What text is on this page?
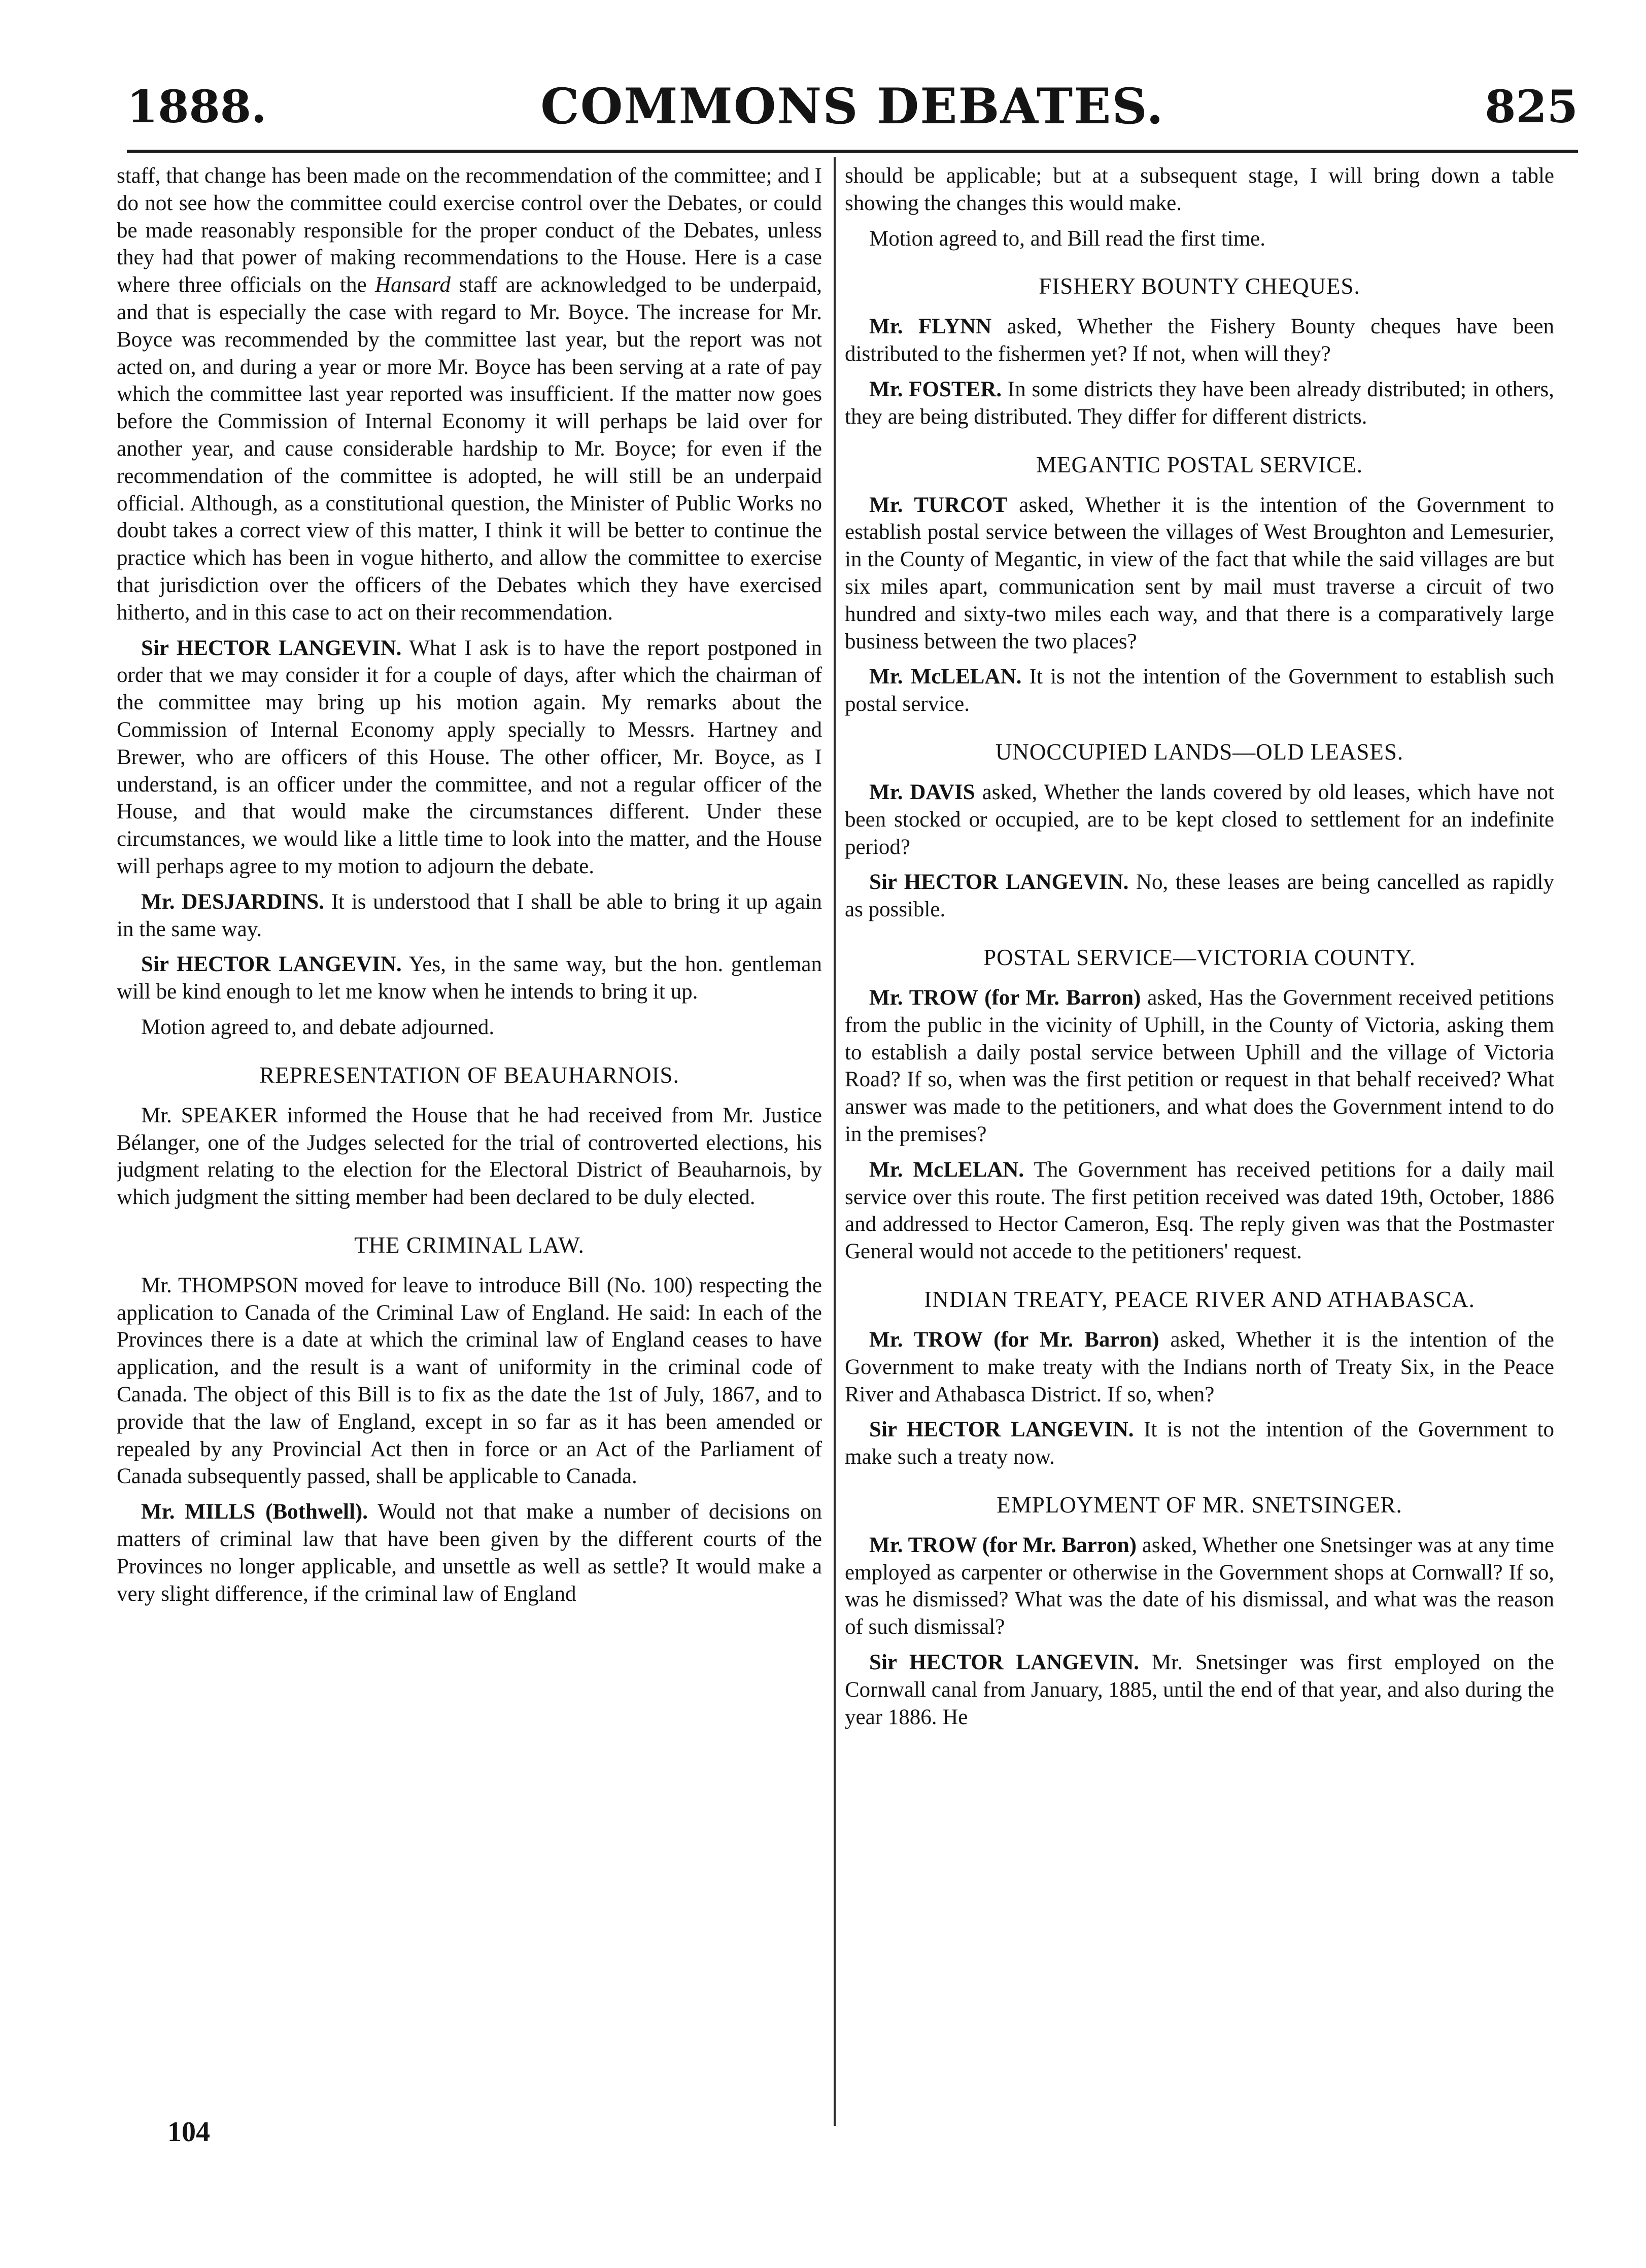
1888.	COMMONS DEBATES.	825

staff, that change has been made on the recommendation of the committee; and I do not see how the committee could exercise control over the Debates, or could be made reasonably responsible for the proper conduct of the Debates, unless they had that power of making recommendations to the House. Here is a case where three officials on the Hansard staff are acknowledged to be underpaid, and that is especially the case with regard to Mr. Boyce. The increase for Mr. Boyce was recommended by the committee last year, but the report was not acted on, and during a year or more Mr. Boyce has been serving at a rate of pay which the committee last year reported was insufficient. If the matter now goes before the Commission of Internal Economy it will perhaps be laid over for another year, and cause considerable hardship to Mr. Boyce; for even if the recommendation of the committee is adopted, he will still be an underpaid official. Although, as a constitutional question, the Minister of Public Works no doubt takes a correct view of this matter, I think it will be better to continue the practice which has been in vogue hitherto, and allow the committee to exercise that jurisdiction over the officers of the Debates which they have exercised hitherto, and in this case to act on their recommendation.

Sir HECTOR LANGEVIN. What I ask is to have the report postponed in order that we may consider it for a couple of days, after which the chairman of the committee may bring up his motion again. My remarks about the Commission of Internal Economy apply specially to Messrs. Hartney and Brewer, who are officers of this House. The other officer, Mr. Boyce, as I understand, is an officer under the committee, and not a regular officer of the House, and that would make the circumstances different. Under these circumstances, we would like a little time to look into the matter, and the House will perhaps agree to my motion to adjourn the debate.

Mr. DESJARDINS. It is understood that I shall be able to bring it up again in the same way.

Sir HECTOR LANGEVIN. Yes, in the same way, but the hon. gentleman will be kind enough to let me know when he intends to bring it up.

Motion agreed to, and debate adjourned.

REPRESENTATION OF BEAUHARNOIS.

Mr. SPEAKER informed the House that he had received from Mr. Justice Bélanger, one of the Judges selected for the trial of controverted elections, his judgment relating to the election for the Electoral District of Beauharnois, by which judgment the sitting member had been declared to be duly elected.

THE CRIMINAL LAW.

Mr. THOMPSON moved for leave to introduce Bill (No. 100) respecting the application to Canada of the Criminal Law of England. He said: In each of the Provinces there is a date at which the criminal law of England ceases to have application, and the result is a want of uniformity in the criminal code of Canada. The object of this Bill is to fix as the date the 1st of July, 1867, and to provide that the law of England, except in so far as it has been amended or repealed by any Provincial Act then in force or an Act of the Parliament of Canada subsequently passed, shall be applicable to Canada.

Mr. MILLS (Bothwell). Would not that make a number of decisions on matters of criminal law that have been given by the different courts of the Provinces no longer applicable, and unsettle as well as settle? It would make a very slight difference, if the criminal law of England

should be applicable; but at a subsequent stage, I will bring down a table showing the changes this would make.

Motion agreed to, and Bill read the first time.

FISHERY BOUNTY CHEQUES.

Mr. FLYNN asked, Whether the Fishery Bounty cheques have been distributed to the fishermen yet? If not, when will they?

Mr. FOSTER. In some districts they have been already distributed; in others, they are being distributed. They differ for different districts.

MEGANTIC POSTAL SERVICE.

Mr. TURCOT asked, Whether it is the intention of the Government to establish postal service between the villages of West Broughton and Lemesurier, in the County of Megantic, in view of the fact that while the said villages are but six miles apart, communication sent by mail must traverse a circuit of two hundred and sixty-two miles each way, and that there is a comparatively large business between the two places?

Mr. McLELAN. It is not the intention of the Government to establish such postal service.

UNOCCUPIED LANDS—OLD LEASES.

Mr. DAVIS asked, Whether the lands covered by old leases, which have not been stocked or occupied, are to be kept closed to settlement for an indefinite period?

Sir HECTOR LANGEVIN. No, these leases are being cancelled as rapidly as possible.

POSTAL SERVICE—VICTORIA COUNTY.

Mr. TROW (for Mr. Barron) asked, Has the Government received petitions from the public in the vicinity of Uphill, in the County of Victoria, asking them to establish a daily postal service between Uphill and the village of Victoria Road? If so, when was the first petition or request in that behalf received? What answer was made to the petitioners, and what does the Government intend to do in the premises?

Mr. McLELAN. The Government has received petitions for a daily mail service over this route. The first petition received was dated 19th, October, 1886 and addressed to Hector Cameron, Esq. The reply given was that the Postmaster General would not accede to the petitioners' request.

INDIAN TREATY, PEACE RIVER AND ATHABASCA.

Mr. TROW (for Mr. Barron) asked, Whether it is the intention of the Government to make treaty with the Indians north of Treaty Six, in the Peace River and Athabasca District. If so, when?

Sir HECTOR LANGEVIN. It is not the intention of the Government to make such a treaty now.

EMPLOYMENT OF MR. SNETSINGER.

Mr. TROW (for Mr. Barron) asked, Whether one Snetsinger was at any time employed as carpenter or otherwise in the Government shops at Cornwall? If so, was he dismissed? What was the date of his dismissal, and what was the reason of such dismissal?

Sir HECTOR LANGEVIN. Mr. Snetsinger was first employed on the Cornwall canal from January, 1885, until the end of that year, and also during the year 1886. He

104
